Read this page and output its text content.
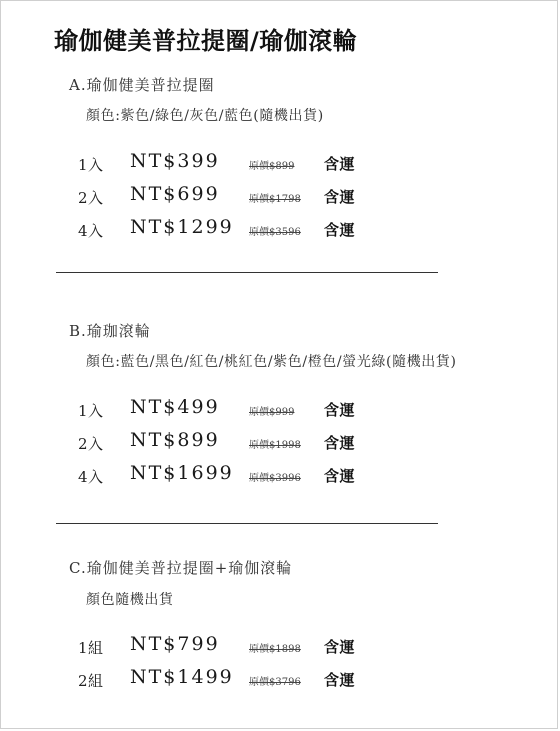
瑜伽健美普拉提圈/瑜伽滾輪
A.瑜伽健美普拉提圈
顏色:紫色/綠色/灰色/藍色(隨機出貨)
1入 NT$399	原價$899 含運
2入 NT$699	原價$1798 含運
4入 NT$1299 原價$3596 含運
B.瑜珈滾輪
顏色:藍色/黑色/紅色/桃紅色/紫色/橙色/螢光綠(隨機出貨)
1入 NT$499	原價$999 含運
2入 NT$899	原價$1998 含運
4入 NT$1699 原價$3996 含運
C.瑜伽健美普拉提圈+瑜伽滾輪
顏色隨機出貨
1組 NT$799	原價$1898 含運
2組 NT$1499 原價$3796 含運
